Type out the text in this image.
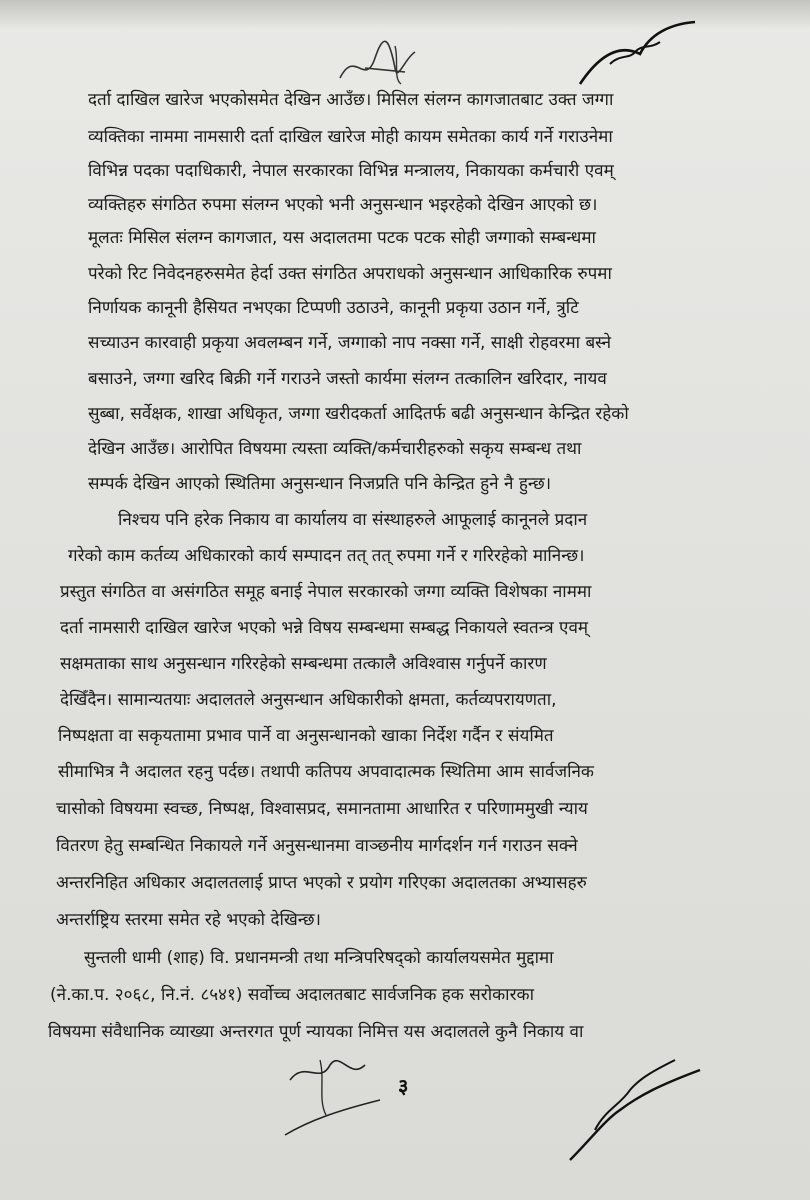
दर्ता दाखिल खारेज भएकोसमेत देखिन आउँछ। मिसिल संलग्न कागजातबाट उक्त जग्गा
व्यक्तिका नाममा नामसारी दर्ता दाखिल खारेज मोही कायम समेतका कार्य गर्ने गराउनेमा
विभिन्न पदका पदाधिकारी, नेपाल सरकारका विभिन्न मन्त्रालय, निकायका कर्मचारी एवम्
व्यक्तिहरु संगठित रुपमा संलग्न भएको भनी अनुसन्धान भइरहेको देखिन आएको छ।
मूलतः मिसिल संलग्न कागजात, यस अदालतमा पटक पटक सोही जग्गाको सम्बन्धमा
परेको रिट निवेदनहरुसमेत हेर्दा उक्त संगठित अपराधको अनुसन्धान आधिकारिक रुपमा
निर्णायक कानूनी हैसियत नभएका टिप्पणी उठाउने, कानूनी प्रकृया उठान गर्ने, त्रुटि
सच्याउन कारवाही प्रकृया अवलम्बन गर्ने, जग्गाको नाप नक्सा गर्ने, साक्षी रोहवरमा बस्ने
बसाउने, जग्गा खरिद बिक्री गर्ने गराउने जस्तो कार्यमा संलग्न तत्कालिन खरिदार, नायव
सुब्बा, सर्वेक्षक, शाखा अधिकृत, जग्गा खरीदकर्ता आदितर्फ बढी अनुसन्धान केन्द्रित रहेको
देखिन आउँछ। आरोपित विषयमा त्यस्ता व्यक्ति/कर्मचारीहरुको सकृय सम्बन्ध तथा
सम्पर्क देखिन आएको स्थितिमा अनुसन्धान निजप्रति पनि केन्द्रित हुने नै हुन्छ।
निश्चय पनि हरेक निकाय वा कार्यालय वा संस्थाहरुले आफूलाई कानूनले प्रदान
गरेको काम कर्तव्य अधिकारको कार्य सम्पादन तत् तत् रुपमा गर्ने र गरिरहेको मानिन्छ।
प्रस्तुत संगठित वा असंगठित समूह बनाई नेपाल सरकारको जग्गा व्यक्ति विशेषका नाममा
दर्ता नामसारी दाखिल खारेज भएको भन्ने विषय सम्बन्धमा सम्बद्ध निकायले स्वतन्त्र एवम्
सक्षमताका साथ अनुसन्धान गरिरहेको सम्बन्धमा तत्कालै अविश्वास गर्नुपर्ने कारण
देखिँदैन। सामान्यतयाः अदालतले अनुसन्धान अधिकारीको क्षमता, कर्तव्यपरायणता,
निष्पक्षता वा सकृयतामा प्रभाव पार्ने वा अनुसन्धानको खाका निर्देश गर्दैन र संयमित
सीमाभित्र नै अदालत रहनु पर्दछ। तथापी कतिपय अपवादात्मक स्थितिमा आम सार्वजनिक
चासोको विषयमा स्वच्छ, निष्पक्ष, विश्वासप्रद, समानतामा आधारित र परिणाममुखी न्याय
वितरण हेतु सम्बन्धित निकायले गर्ने अनुसन्धानमा वाञ्छनीय मार्गदर्शन गर्न गराउन सक्ने
अन्तरनिहित अधिकार अदालतलाई प्राप्त भएको र प्रयोग गरिएका अदालतका अभ्यासहरु
अन्तर्राष्ट्रिय स्तरमा समेत रहे भएको देखिन्छ।
सुन्तली धामी (शाह) वि. प्रधानमन्त्री तथा मन्त्रिपरिषद्को कार्यालयसमेत मुद्दामा
(ने.का.प. २०६८, नि.नं. ८५४१) सर्वोच्च अदालतबाट सार्वजनिक हक सरोकारका
विषयमा संवैधानिक व्याख्या अन्तरगत पूर्ण न्यायका निमित्त यस अदालतले कुनै निकाय वा
३
